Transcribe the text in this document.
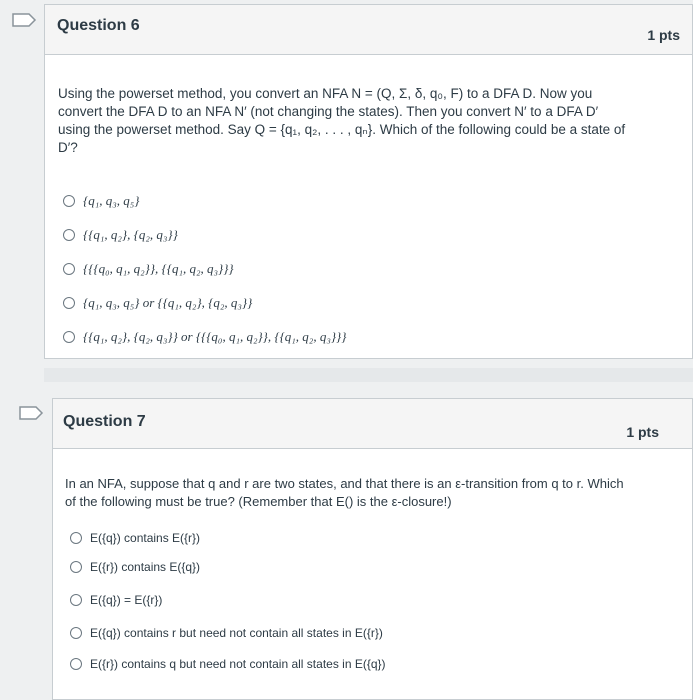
Question 6
1 pts
Using the powerset method, you convert an NFA N = (Q, Σ, δ, q₀, F) to a DFA D. Now you
convert the DFA D to an NFA N′ (not changing the states). Then you convert N′ to a DFA D′
using the powerset method. Say Q = {q₁, q₂, . . . , qₙ}. Which of the following could be a state of
D′?
{q₁, q₃, q₅}
{{q₁, q₂}, {q₂, q₃}}
{{{q₀, q₁, q₂}}, {{q₁, q₂, q₃}}}
{q₁, q₃, q₅} or {{q₁, q₂}, {q₂, q₃}}
{{q₁, q₂}, {q₂, q₃}} or {{{q₀, q₁, q₂}}, {{q₁, q₂, q₃}}}
Question 7
1 pts
In an NFA, suppose that q and r are two states, and that there is an ε-transition from q to r. Which
of the following must be true? (Remember that E() is the ε-closure!)
E({q}) contains E({r})
E({r}) contains E({q})
E({q}) = E({r})
E({q}) contains r but need not contain all states in E({r})
E({r}) contains q but need not contain all states in E({q})
